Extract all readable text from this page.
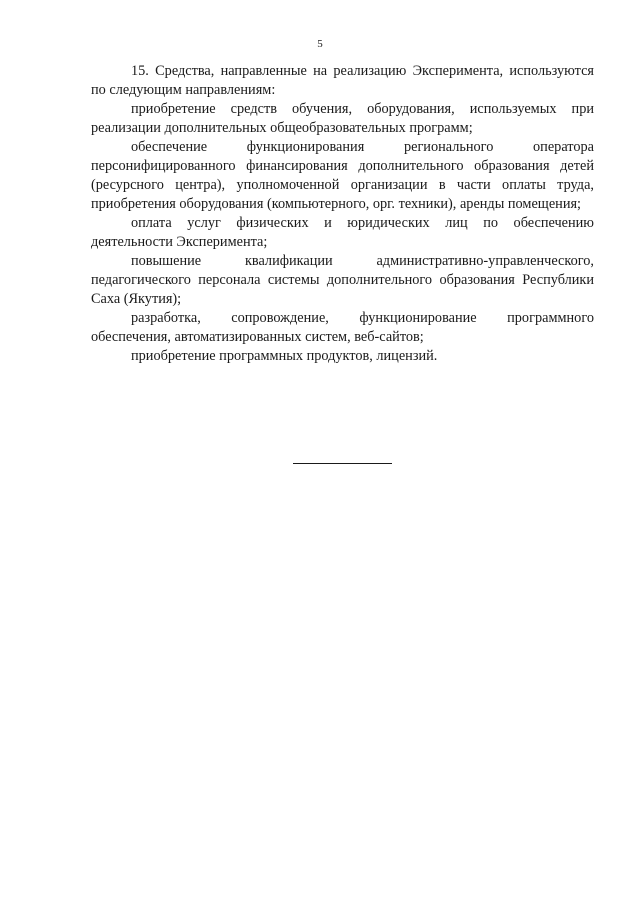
5

15. Средства, направленные на реализацию Эксперимента, используются по следующим направлениям:

приобретение средств обучения, оборудования, используемых при реализации дополнительных общеобразовательных программ;

обеспечение функционирования регионального оператора персонифицированного финансирования дополнительного образования детей (ресурсного центра), уполномоченной организации в части оплаты труда, приобретения оборудования (компьютерного, орг. техники), аренды помещения;

оплата услуг физических и юридических лиц по обеспечению деятельности Эксперимента;

повышение квалификации административно-управленческого, педагогического персонала системы дополнительного образования Республики Саха (Якутия);

разработка, сопровождение, функционирование программного обеспечения, автоматизированных систем, веб-сайтов;

приобретение программных продуктов, лицензий.
